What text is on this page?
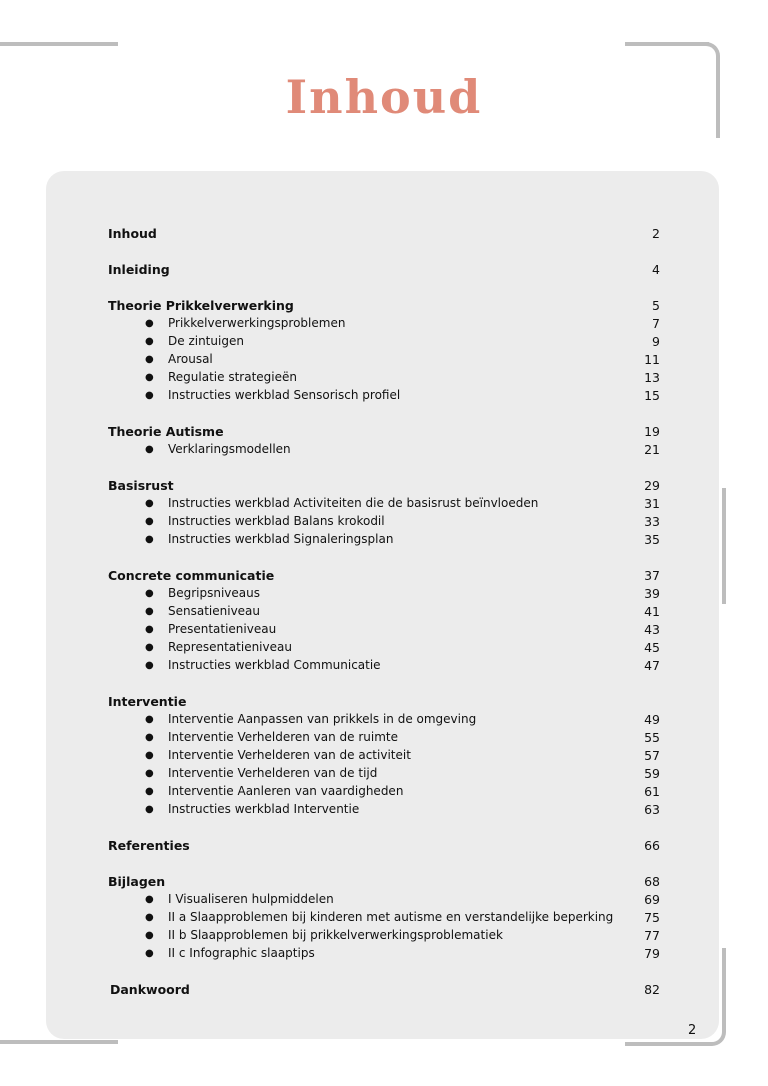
Inhoud
Inhoud	2
Inleiding	4
Theorie Prikkelverwerking	5
●	Prikkelverwerkingsproblemen	7
●	De zintuigen	9
●	Arousal	11
●	Regulatie strategieën	13
●	Instructies werkblad Sensorisch profiel	15
Theorie Autisme	19
●	Verklaringsmodellen	21
Basisrust	29
●	Instructies werkblad Activiteiten die de basisrust beïnvloeden	31
●	Instructies werkblad Balans krokodil	33
●	Instructies werkblad Signaleringsplan	35
Concrete communicatie	37
●	Begripsniveaus	39
●	Sensatieniveau	41
●	Presentatieniveau	43
●	Representatieniveau	45
●	Instructies werkblad Communicatie	47
Interventie
●	Interventie Aanpassen van prikkels in de omgeving	49
●	Interventie Verhelderen van de ruimte	55
●	Interventie Verhelderen van de activiteit	57
●	Interventie Verhelderen van de tijd	59
●	Interventie Aanleren van vaardigheden	61
●	Instructies werkblad Interventie	63
Referenties	66
Bijlagen	68
●	I Visualiseren hulpmiddelen	69
●	II a Slaapproblemen bij kinderen met autisme en verstandelijke beperking	75
●	II b Slaapproblemen bij prikkelverwerkingsproblematiek	77
●	II c Infographic slaaptips	79
Dankwoord	82
2
